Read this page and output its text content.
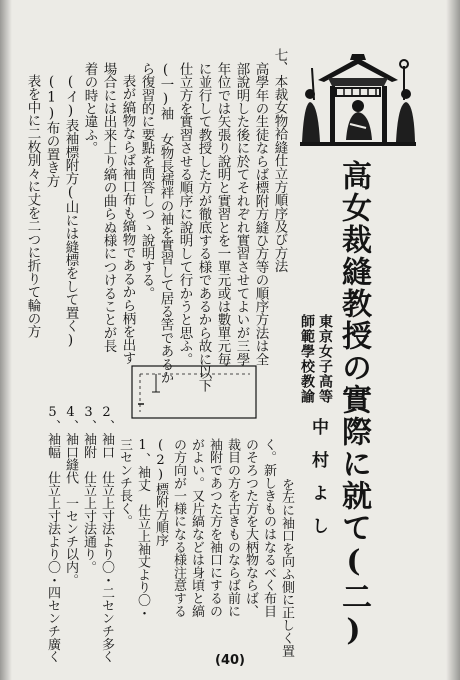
高女裁縫教授の實際に就て(二)
東京女子高等
師範學校教諭
中村よし
七、本裁女物袷縫仕立方順序及び方法
高學年の生徒ならば標附方縫ひ方等の順序方法は全
部說明した後に於てそれぞれ實習させてよいが三學
年位では矢張り說明と實習とを一單元或は數單元毎
に並行して教授した方が徹底する様であるから故に以下
仕立方を實習させる順序に說明して行かうと思ふ。
(一)袖　女物長襦袢の袖を實習して居る筈であるか
ら復習的に要點を問答しつゝ說明する。
表が縞物ならば袖口布も縞物であるから柄を出す
場合には出来上り縞の曲らぬ様につけることが長
着の時と違ふ。
(イ)表袖標附方(山には縫標をして置く)
(1)布の置き方
表を中に二枚別々に丈を二つに折りて輪の方
を左に袖口を向ふ側に正しく置
く。新しきものはなるべく布目
のそろつた方を大柄物ならば、
裁目の方を古きものならば前に
袖附であつた方を袖口にするの
がよい。又片縞などは身頃と縞
の方向が一様になる様注意する
(2)標附方順序
1、袖丈　仕立上袖丈より〇・
三センチ長く。
2、袖口　仕立上寸法より〇・二センチ多く
3、袖附　仕立上寸法通り。
4、袖口縫代　一センチ以内。
5、袖幅　仕立上寸法より〇・四センチ廣く	(40)
